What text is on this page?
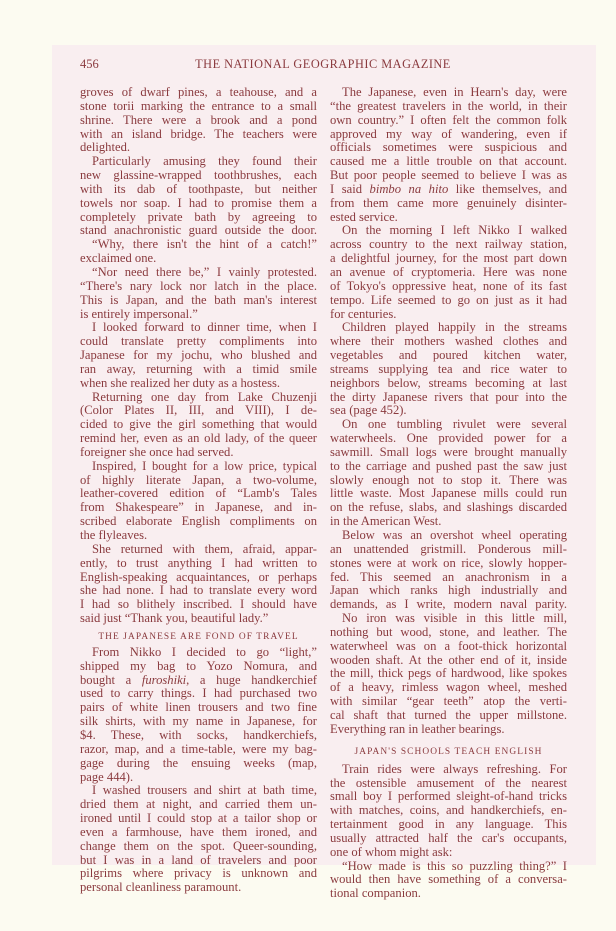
456	THE NATIONAL GEOGRAPHIC MAGAZINE
groves of dwarf pines, a teahouse, and a
stone torii marking the entrance to a small
shrine. There were a brook and a pond
with an island bridge. The teachers were
delighted.
Particularly amusing they found their
new glassine-wrapped toothbrushes, each
with its dab of toothpaste, but neither
towels nor soap. I had to promise them a
completely private bath by agreeing to
stand anachronistic guard outside the door.
“Why, there isn't the hint of a catch!”
exclaimed one.
“Nor need there be,” I vainly protested.
“There's nary lock nor latch in the place.
This is Japan, and the bath man's interest
is entirely impersonal.”
I looked forward to dinner time, when I
could translate pretty compliments into
Japanese for my jochu, who blushed and
ran away, returning with a timid smile
when she realized her duty as a hostess.
Returning one day from Lake Chuzenji
(Color Plates II, III, and VIII), I de-
cided to give the girl something that would
remind her, even as an old lady, of the queer
foreigner she once had served.
Inspired, I bought for a low price, typical
of highly literate Japan, a two-volume,
leather-covered edition of “Lamb's Tales
from Shakespeare” in Japanese, and in-
scribed elaborate English compliments on
the flyleaves.
She returned with them, afraid, appar-
ently, to trust anything I had written to
English-speaking acquaintances, or perhaps
she had none. I had to translate every word
I had so blithely inscribed. I should have
said just “Thank you, beautiful lady.”
THE JAPANESE ARE FOND OF TRAVEL
From Nikko I decided to go “light,”
shipped my bag to Yozo Nomura, and
bought a furoshiki, a huge handkerchief
used to carry things. I had purchased two
pairs of white linen trousers and two fine
silk shirts, with my name in Japanese, for
$4. These, with socks, handkerchiefs,
razor, map, and a time-table, were my bag-
gage during the ensuing weeks (map,
page 444).
I washed trousers and shirt at bath time,
dried them at night, and carried them un-
ironed until I could stop at a tailor shop or
even a farmhouse, have them ironed, and
change them on the spot. Queer-sounding,
but I was in a land of travelers and poor
pilgrims where privacy is unknown and
personal cleanliness paramount.
The Japanese, even in Hearn's day, were
“the greatest travelers in the world, in their
own country.” I often felt the common folk
approved my way of wandering, even if
officials sometimes were suspicious and
caused me a little trouble on that account.
But poor people seemed to believe I was as
I said bimbo na hito like themselves, and
from them came more genuinely disinter-
ested service.
On the morning I left Nikko I walked
across country to the next railway station,
a delightful journey, for the most part down
an avenue of cryptomeria. Here was none
of Tokyo's oppressive heat, none of its fast
tempo. Life seemed to go on just as it had
for centuries.
Children played happily in the streams
where their mothers washed clothes and
vegetables and poured kitchen water,
streams supplying tea and rice water to
neighbors below, streams becoming at last
the dirty Japanese rivers that pour into the
sea (page 452).
On one tumbling rivulet were several
waterwheels. One provided power for a
sawmill. Small logs were brought manually
to the carriage and pushed past the saw just
slowly enough not to stop it. There was
little waste. Most Japanese mills could run
on the refuse, slabs, and slashings discarded
in the American West.
Below was an overshot wheel operating
an unattended gristmill. Ponderous mill-
stones were at work on rice, slowly hopper-
fed. This seemed an anachronism in a
Japan which ranks high industrially and
demands, as I write, modern naval parity.
No iron was visible in this little mill,
nothing but wood, stone, and leather. The
waterwheel was on a foot-thick horizontal
wooden shaft. At the other end of it, inside
the mill, thick pegs of hardwood, like spokes
of a heavy, rimless wagon wheel, meshed
with similar “gear teeth” atop the verti-
cal shaft that turned the upper millstone.
Everything ran in leather bearings.
JAPAN'S SCHOOLS TEACH ENGLISH
Train rides were always refreshing. For
the ostensible amusement of the nearest
small boy I performed sleight-of-hand tricks
with matches, coins, and handkerchiefs, en-
tertainment good in any language. This
usually attracted half the car's occupants,
one of whom might ask:
“How made is this so puzzling thing?” I
would then have something of a conversa-
tional companion.
